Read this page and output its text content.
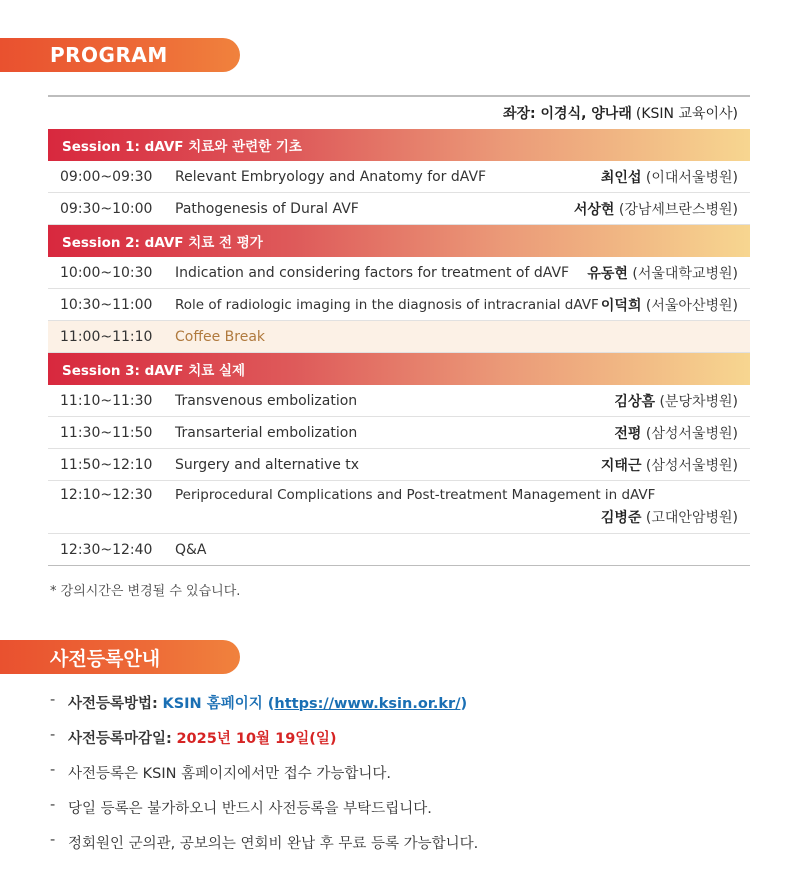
PROGRAM
좌장: 이경식, 양나래 (KSIN 교육이사)
Session 1: dAVF 치료와 관련한 기초
09:00~09:30	Relevant Embryology and Anatomy for dAVF	최인섭 (이대서울병원)
09:30~10:00	Pathogenesis of Dural AVF	서상현 (강남세브란스병원)
Session 2: dAVF 치료 전 평가
10:00~10:30	Indication and considering factors for treatment of dAVF	유동현 (서울대학교병원)
10:30~11:00	Role of radiologic imaging in the diagnosis of intracranial dAVF 이덕희 (서울아산병원)
11:00~11:10	Coffee Break
Session 3: dAVF 치료 실제
11:10~11:30	Transvenous embolization	김상흠 (분당차병원)
11:30~11:50	Transarterial embolization	전평 (삼성서울병원)
11:50~12:10	Surgery and alternative tx	지태근 (삼성서울병원)
12:10~12:30	Periprocedural Complications and Post-treatment Management in dAVF
김병준 (고대안암병원)
12:30~12:40	Q&A
* 강의시간은 변경될 수 있습니다.
사전등록안내
- 사전등록방법: KSIN 홈페이지 (https://www.ksin.or.kr/)
- 사전등록마감일: 2025년 10월 19일(일)
- 사전등록은 KSIN 홈페이지에서만 접수 가능합니다.
- 당일 등록은 불가하오니 반드시 사전등록을 부탁드립니다.
- 정회원인 군의관, 공보의는 연회비 완납 후 무료 등록 가능합니다.
